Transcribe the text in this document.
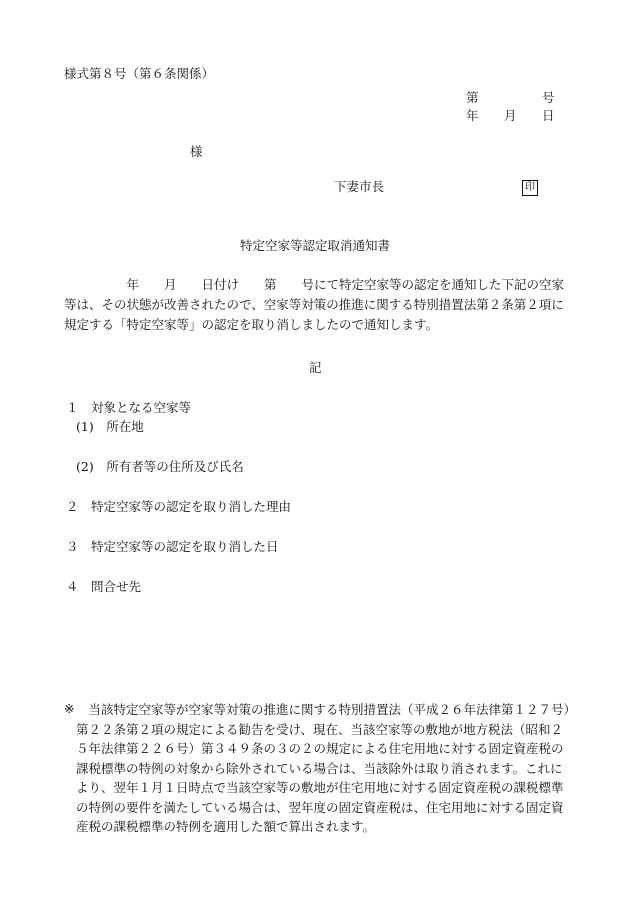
様式第８号（第６条関係）
第	号
年 月 日
様
下妻市長	印
特定空家等認定取消通知書
　　　　　年　　月　　日付け　　第　　号にて特定空家等の認定を通知した下記の空家
等は、その状態が改善されたので、空家等対策の推進に関する特別措置法第２条第２項に
規定する「特定空家等」の認定を取り消しましたので通知します。
記
１　対象となる空家等
(1)　所在地
(2)　所有者等の住所及び氏名
２　特定空家等の認定を取り消した理由
３　特定空家等の認定を取り消した日
４　問合せ先
※ 　当該特定空家等が空家等対策の推進に関する特別措置法（平成２６年法律第１２７号）
第２２条第２項の規定による勧告を受け、現在、当該空家等の敷地が地方税法（昭和２
５年法律第２２６号）第３４９条の３の２の規定による住宅用地に対する固定資産税の
課税標準の特例の対象から除外されている場合は、当該除外は取り消されます。これに
より、翌年１月１日時点で当該空家等の敷地が住宅用地に対する固定資産税の課税標準
の特例の要件を満たしている場合は、翌年度の固定資産税は、住宅用地に対する固定資
産税の課税標準の特例を適用した額で算出されます。
